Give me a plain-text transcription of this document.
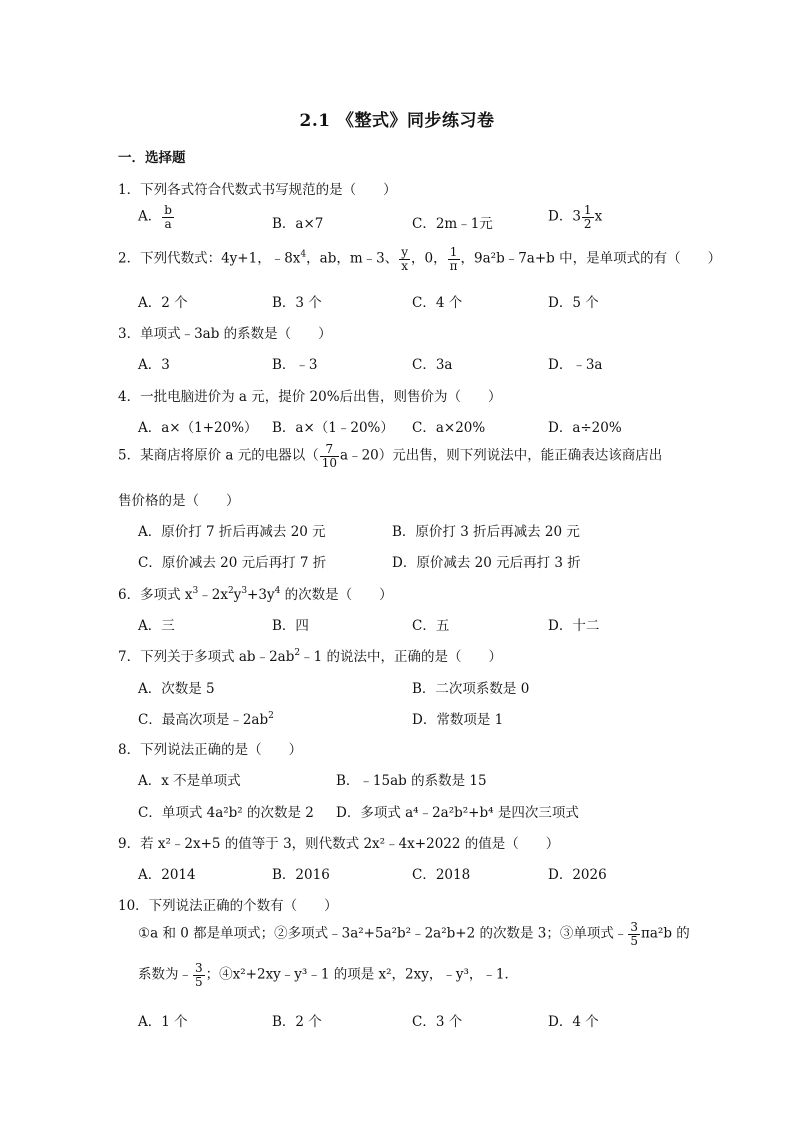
2.1 《整式》同步练习卷
一．选择题
1．下列各式符合代数式书写规范的是（　　）
A． $\frac{b}{a}$	B．a×7	C．2m﹣1元	D．$3 \frac{1}{2}$ x
2．下列代数式：4y+1，$﹣8x^4$，ab，m﹣3、 $\frac{y}{x}$ ，0， $\frac{1}{\pi}$ ，9a²b﹣7a+b 中，是单项式的有（　　）
A．2 个	B．3 个	C．4 个	D．5 个
3．单项式﹣3ab 的系数是（　　）
A．3	B．﹣3	C．3a	D．﹣3a
4．一批电脑进价为 a 元，提价 20%后出售，则售价为（　　）
A．a×（1+20%） B．a×（1﹣20%） C．a×20%	D．a÷20%
5．某商店将原价 a 元的电器以（ $\frac{7}{10}$ a﹣20）元出售，则下列说法中，能正确表达该商店出
售价格的是（　　）
A．原价打 7 折后再减去 20 元	B．原价打 3 折后再减去 20 元
C．原价减去 20 元后再打 7 折	D．原价减去 20 元后再打 3 折
6．多项式 $x^3﹣2x^2y^3+3y^4$ 的次数是（　　）
A．三	B．四	C．五	D．十二
7．下列关于多项式 $ab﹣2ab^2﹣1$ 的说法中，正确的是（　　）
A．次数是 5	B．二次项系数是 0
C．最高次项是$﹣2ab^2$	D．常数项是 1
8．下列说法正确的是（　　）
A．x 不是单项式	B．﹣15ab 的系数是 15
C．单项式 4a²b² 的次数是 2 D．多项式 a⁴﹣2a²b²+b⁴ 是四次三项式
9．若 x²﹣2x+5 的值等于 3，则代数式 2x²﹣4x+2022 的值是（　　）
A．2014	B．2016	C．2018	D．2026
10．下列说法正确的个数有（　　）
①a 和 0 都是单项式；②多项式﹣3a²+5a²b²﹣2a²b+2 的次数是 3；③单项式﹣ $\frac{3}{5} \pi a^2b$ 的
系数为﹣ $\frac{3}{5}$ ；④x²+2xy﹣y³﹣1 的项是 x²，2xy，﹣y³，﹣1．
A．1 个	B．2 个	C．3 个	D．4 个
